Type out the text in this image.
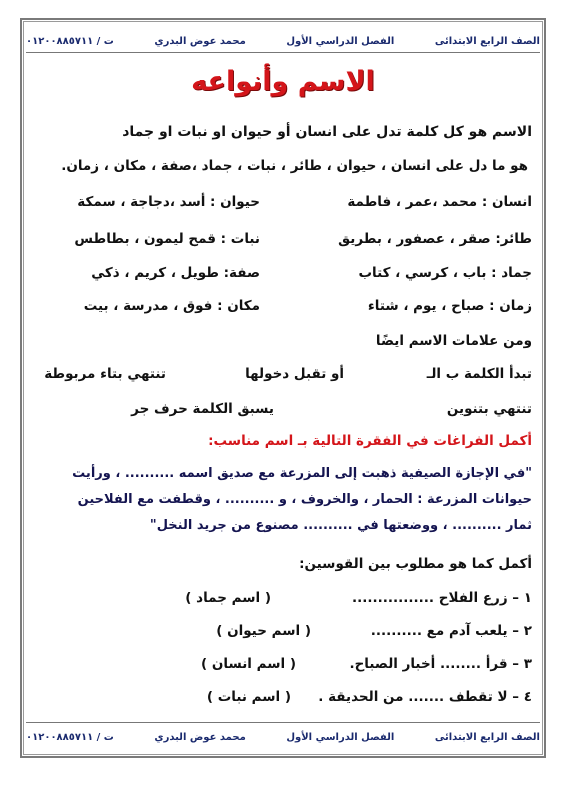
الصف الرابع الابتدائى
الفصل الدراسي الأول
محمد عوض البدري
ت / ٠١٢٠٠٨٨٥٧١١
الاسم وأنواعه
الاسم هو كل كلمة تدل على انسان أو حيوان او نبات او جماد
هو ما دل على انسان ، حيوان ، طائر ، نبات ، جماد ،صفة ، مكان ، زمان.
انسان : محمد ،عمر ، فاطمة
حيوان : أسد ،دجاجة ، سمكة
طائر: صقر ، عصفور ، بطريق
نبات : قمح ليمون ، بطاطس
جماد : باب ، كرسي ، كتاب
صفة: طويل ، كريم ، ذكي
زمان : صباح ، يوم ، شتاء
مكان : فوق ، مدرسة ، بيت
ومن علامات الاسم ايضًا
تبدأ الكلمة ب الـ
أو تقبل دخولها
تنتهي بتاء مربوطة
تنتهي بتنوين
يسبق الكلمة حرف جر
أكمل الفراغات في الفقرة التالية بـ اسم مناسب:
"في الإجازة الصيفية ذهبت إلى المزرعة مع صديق اسمه .......... ، ورأيت
حيوانات المزرعة : الحمار ، والخروف ، و .......... ، وقطفت مع الفلاحين
ثمار .......... ، ووضعتها في .......... مصنوع من جريد النخل"
أكمل كما هو مطلوب بين القوسين:
١ – زرع الفلاح ................
( اسم جماد )
٢ – يلعب آدم مع ..........
( اسم حيوان )
٣ – قرأ ........ أخبار الصباح.
( اسم انسان )
٤ – لا تقطف ....... من الحديقة .
( اسم نبات )
الصف الرابع الابتدائى
الفصل الدراسي الأول
محمد عوض البدري
ت / ٠١٢٠٠٨٨٥٧١١
